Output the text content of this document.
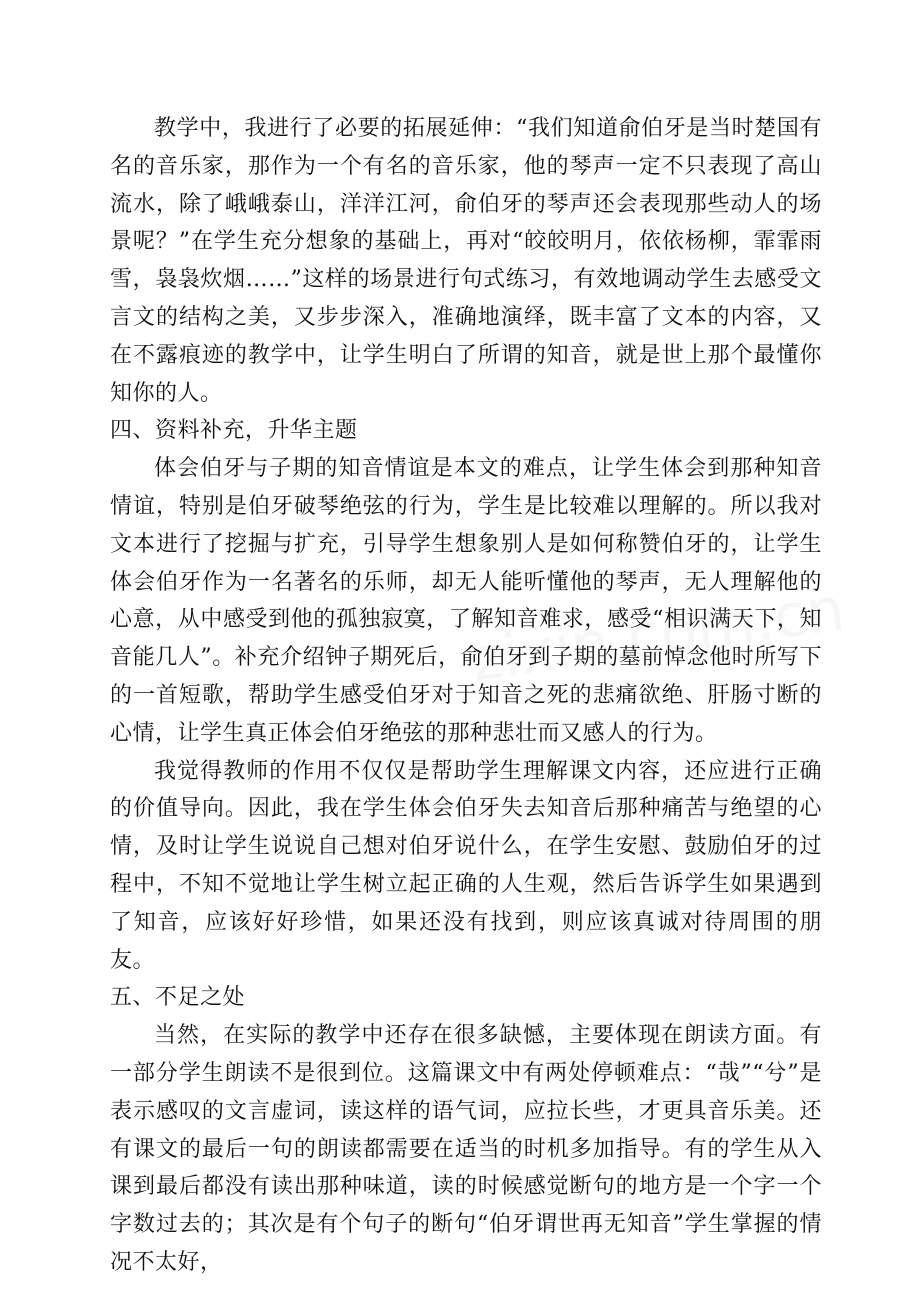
教学中，我进行了必要的拓展延伸：“我们知道俞伯牙是当时楚国有名的音乐家，那作为一个有名的音乐家，他的琴声一定不只表现了高山流水，除了峨峨泰山，洋洋江河，俞伯牙的琴声还会表现那些动人的场景呢？”在学生充分想象的基础上，再对“皎皎明月，依依杨柳，霏霏雨雪，袅袅炊烟……”这样的场景进行句式练习，有效地调动学生去感受文言文的结构之美，又步步深入，准确地演绎，既丰富了文本的内容，又在不露痕迹的教学中，让学生明白了所谓的知音，就是世上那个最懂你知你的人。

四、资料补充，升华主题

体会伯牙与子期的知音情谊是本文的难点，让学生体会到那种知音情谊，特别是伯牙破琴绝弦的行为，学生是比较难以理解的。所以我对文本进行了挖掘与扩充，引导学生想象别人是如何称赞伯牙的，让学生体会伯牙作为一名著名的乐师，却无人能听懂他的琴声，无人理解他的心意，从中感受到他的孤独寂寞，了解知音难求，感受“相识满天下，知音能几人”。补充介绍钟子期死后，俞伯牙到子期的墓前悼念他时所写下的一首短歌，帮助学生感受伯牙对于知音之死的悲痛欲绝、肝肠寸断的心情，让学生真正体会伯牙绝弦的那种悲壮而又感人的行为。

我觉得教师的作用不仅仅是帮助学生理解课文内容，还应进行正确的价值导向。因此，我在学生体会伯牙失去知音后那种痛苦与绝望的心情，及时让学生说说自己想对伯牙说什么，在学生安慰、鼓励伯牙的过程中，不知不觉地让学生树立起正确的人生观，然后告诉学生如果遇到了知音，应该好好珍惜，如果还没有找到，则应该真诚对待周围的朋友。

五、不足之处

当然，在实际的教学中还存在很多缺憾，主要体现在朗读方面。有一部分学生朗读不是很到位。这篇课文中有两处停顿难点：“哉”“兮”是表示感叹的文言虚词，读这样的语气词，应拉长些，才更具音乐美。还有课文的最后一句的朗读都需要在适当的时机多加指导。有的学生从入课到最后都没有读出那种味道，读的时候感觉断句的地方是一个字一个字数过去的；其次是有个句子的断句“伯牙谓世再无知音”学生掌握的情况不太好，
